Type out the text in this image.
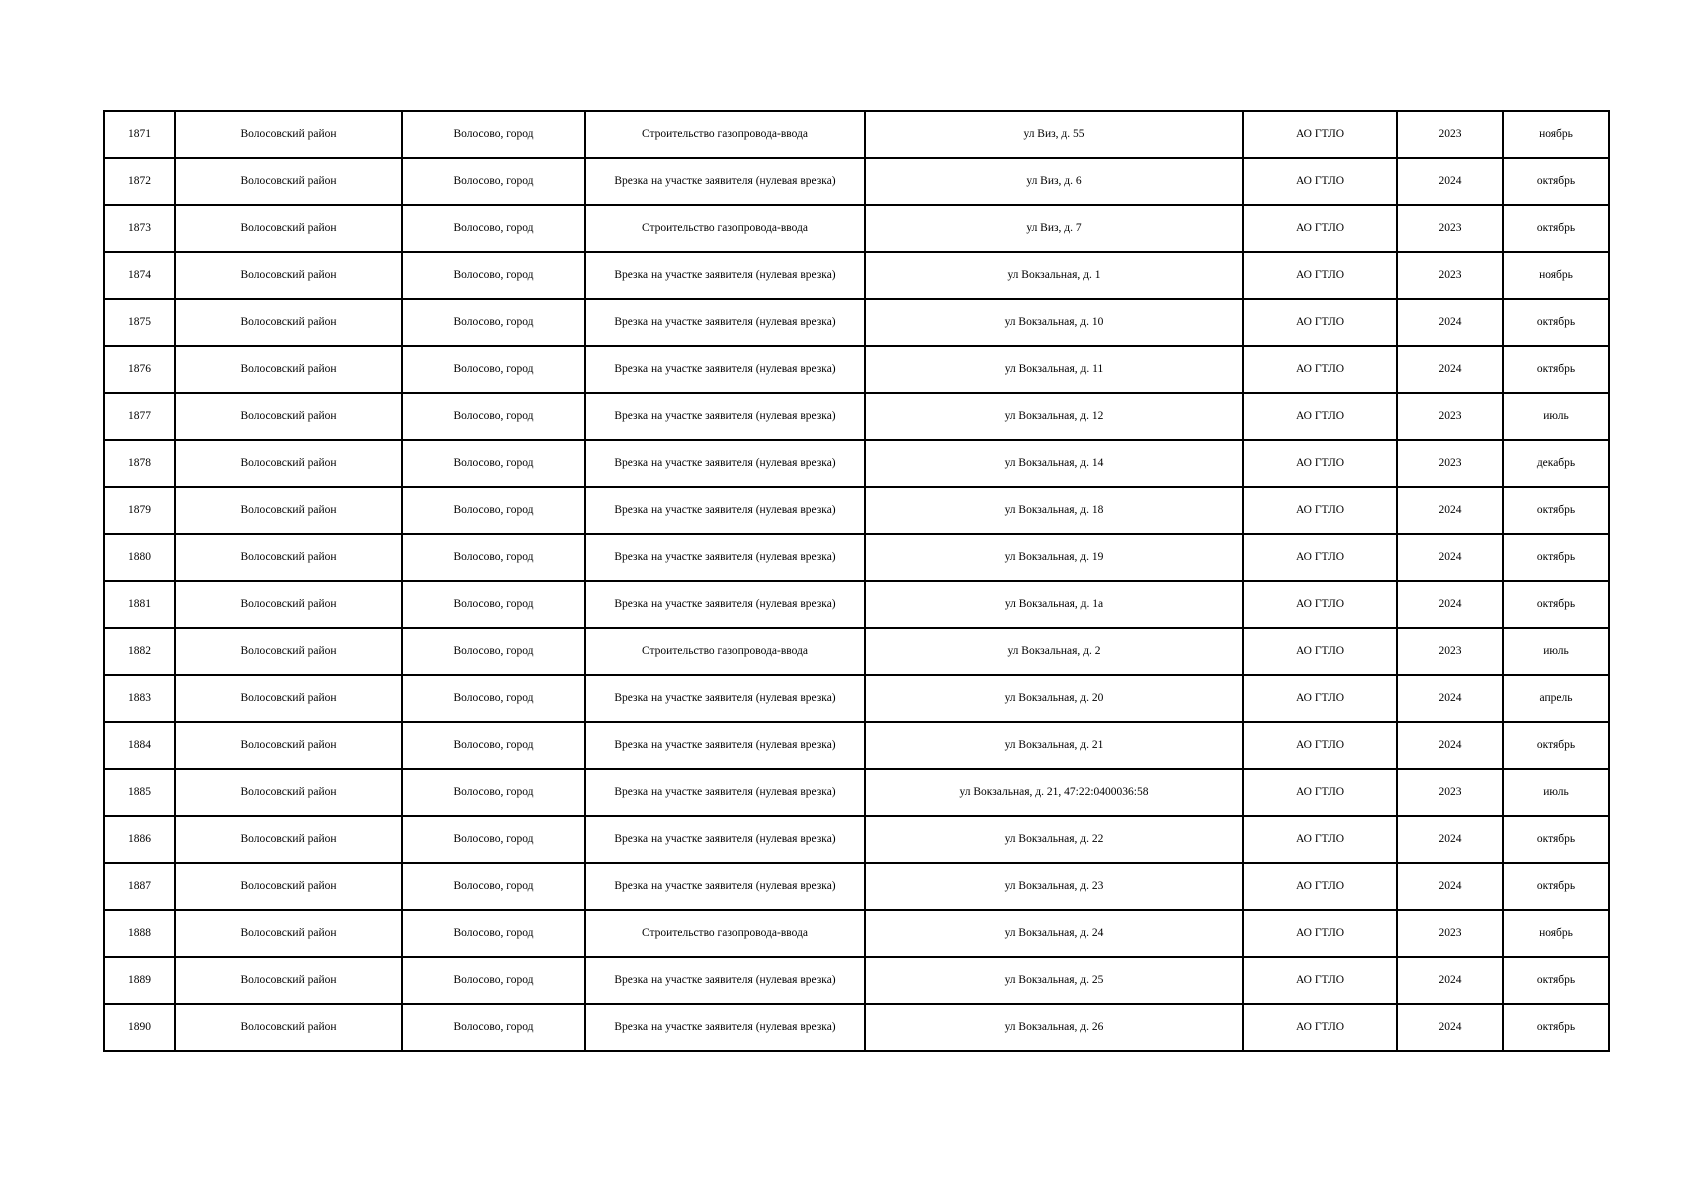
1871	Волосовский район	Волосово, город	Строительство газопровода-ввода	ул Виз, д. 55	АО ГТЛО	2023	ноябрь
1872	Волосовский район	Волосово, город	Врезка на участке заявителя (нулевая врезка)	ул Виз, д. 6	АО ГТЛО	2024	октябрь
1873	Волосовский район	Волосово, город	Строительство газопровода-ввода	ул Виз, д. 7	АО ГТЛО	2023	октябрь
1874	Волосовский район	Волосово, город	Врезка на участке заявителя (нулевая врезка)	ул Вокзальная, д. 1	АО ГТЛО	2023	ноябрь
1875	Волосовский район	Волосово, город	Врезка на участке заявителя (нулевая врезка)	ул Вокзальная, д. 10	АО ГТЛО	2024	октябрь
1876	Волосовский район	Волосово, город	Врезка на участке заявителя (нулевая врезка)	ул Вокзальная, д. 11	АО ГТЛО	2024	октябрь
1877	Волосовский район	Волосово, город	Врезка на участке заявителя (нулевая врезка)	ул Вокзальная, д. 12	АО ГТЛО	2023	июль
1878	Волосовский район	Волосово, город	Врезка на участке заявителя (нулевая врезка)	ул Вокзальная, д. 14	АО ГТЛО	2023	декабрь
1879	Волосовский район	Волосово, город	Врезка на участке заявителя (нулевая врезка)	ул Вокзальная, д. 18	АО ГТЛО	2024	октябрь
1880	Волосовский район	Волосово, город	Врезка на участке заявителя (нулевая врезка)	ул Вокзальная, д. 19	АО ГТЛО	2024	октябрь
1881	Волосовский район	Волосово, город	Врезка на участке заявителя (нулевая врезка)	ул Вокзальная, д. 1а	АО ГТЛО	2024	октябрь
1882	Волосовский район	Волосово, город	Строительство газопровода-ввода	ул Вокзальная, д. 2	АО ГТЛО	2023	июль
1883	Волосовский район	Волосово, город	Врезка на участке заявителя (нулевая врезка)	ул Вокзальная, д. 20	АО ГТЛО	2024	апрель
1884	Волосовский район	Волосово, город	Врезка на участке заявителя (нулевая врезка)	ул Вокзальная, д. 21	АО ГТЛО	2024	октябрь
1885	Волосовский район	Волосово, город	Врезка на участке заявителя (нулевая врезка)	ул Вокзальная, д. 21, 47:22:0400036:58	АО ГТЛО	2023	июль
1886	Волосовский район	Волосово, город	Врезка на участке заявителя (нулевая врезка)	ул Вокзальная, д. 22	АО ГТЛО	2024	октябрь
1887	Волосовский район	Волосово, город	Врезка на участке заявителя (нулевая врезка)	ул Вокзальная, д. 23	АО ГТЛО	2024	октябрь
1888	Волосовский район	Волосово, город	Строительство газопровода-ввода	ул Вокзальная, д. 24	АО ГТЛО	2023	ноябрь
1889	Волосовский район	Волосово, город	Врезка на участке заявителя (нулевая врезка)	ул Вокзальная, д. 25	АО ГТЛО	2024	октябрь
1890	Волосовский район	Волосово, город	Врезка на участке заявителя (нулевая врезка)	ул Вокзальная, д. 26	АО ГТЛО	2024	октябрь
